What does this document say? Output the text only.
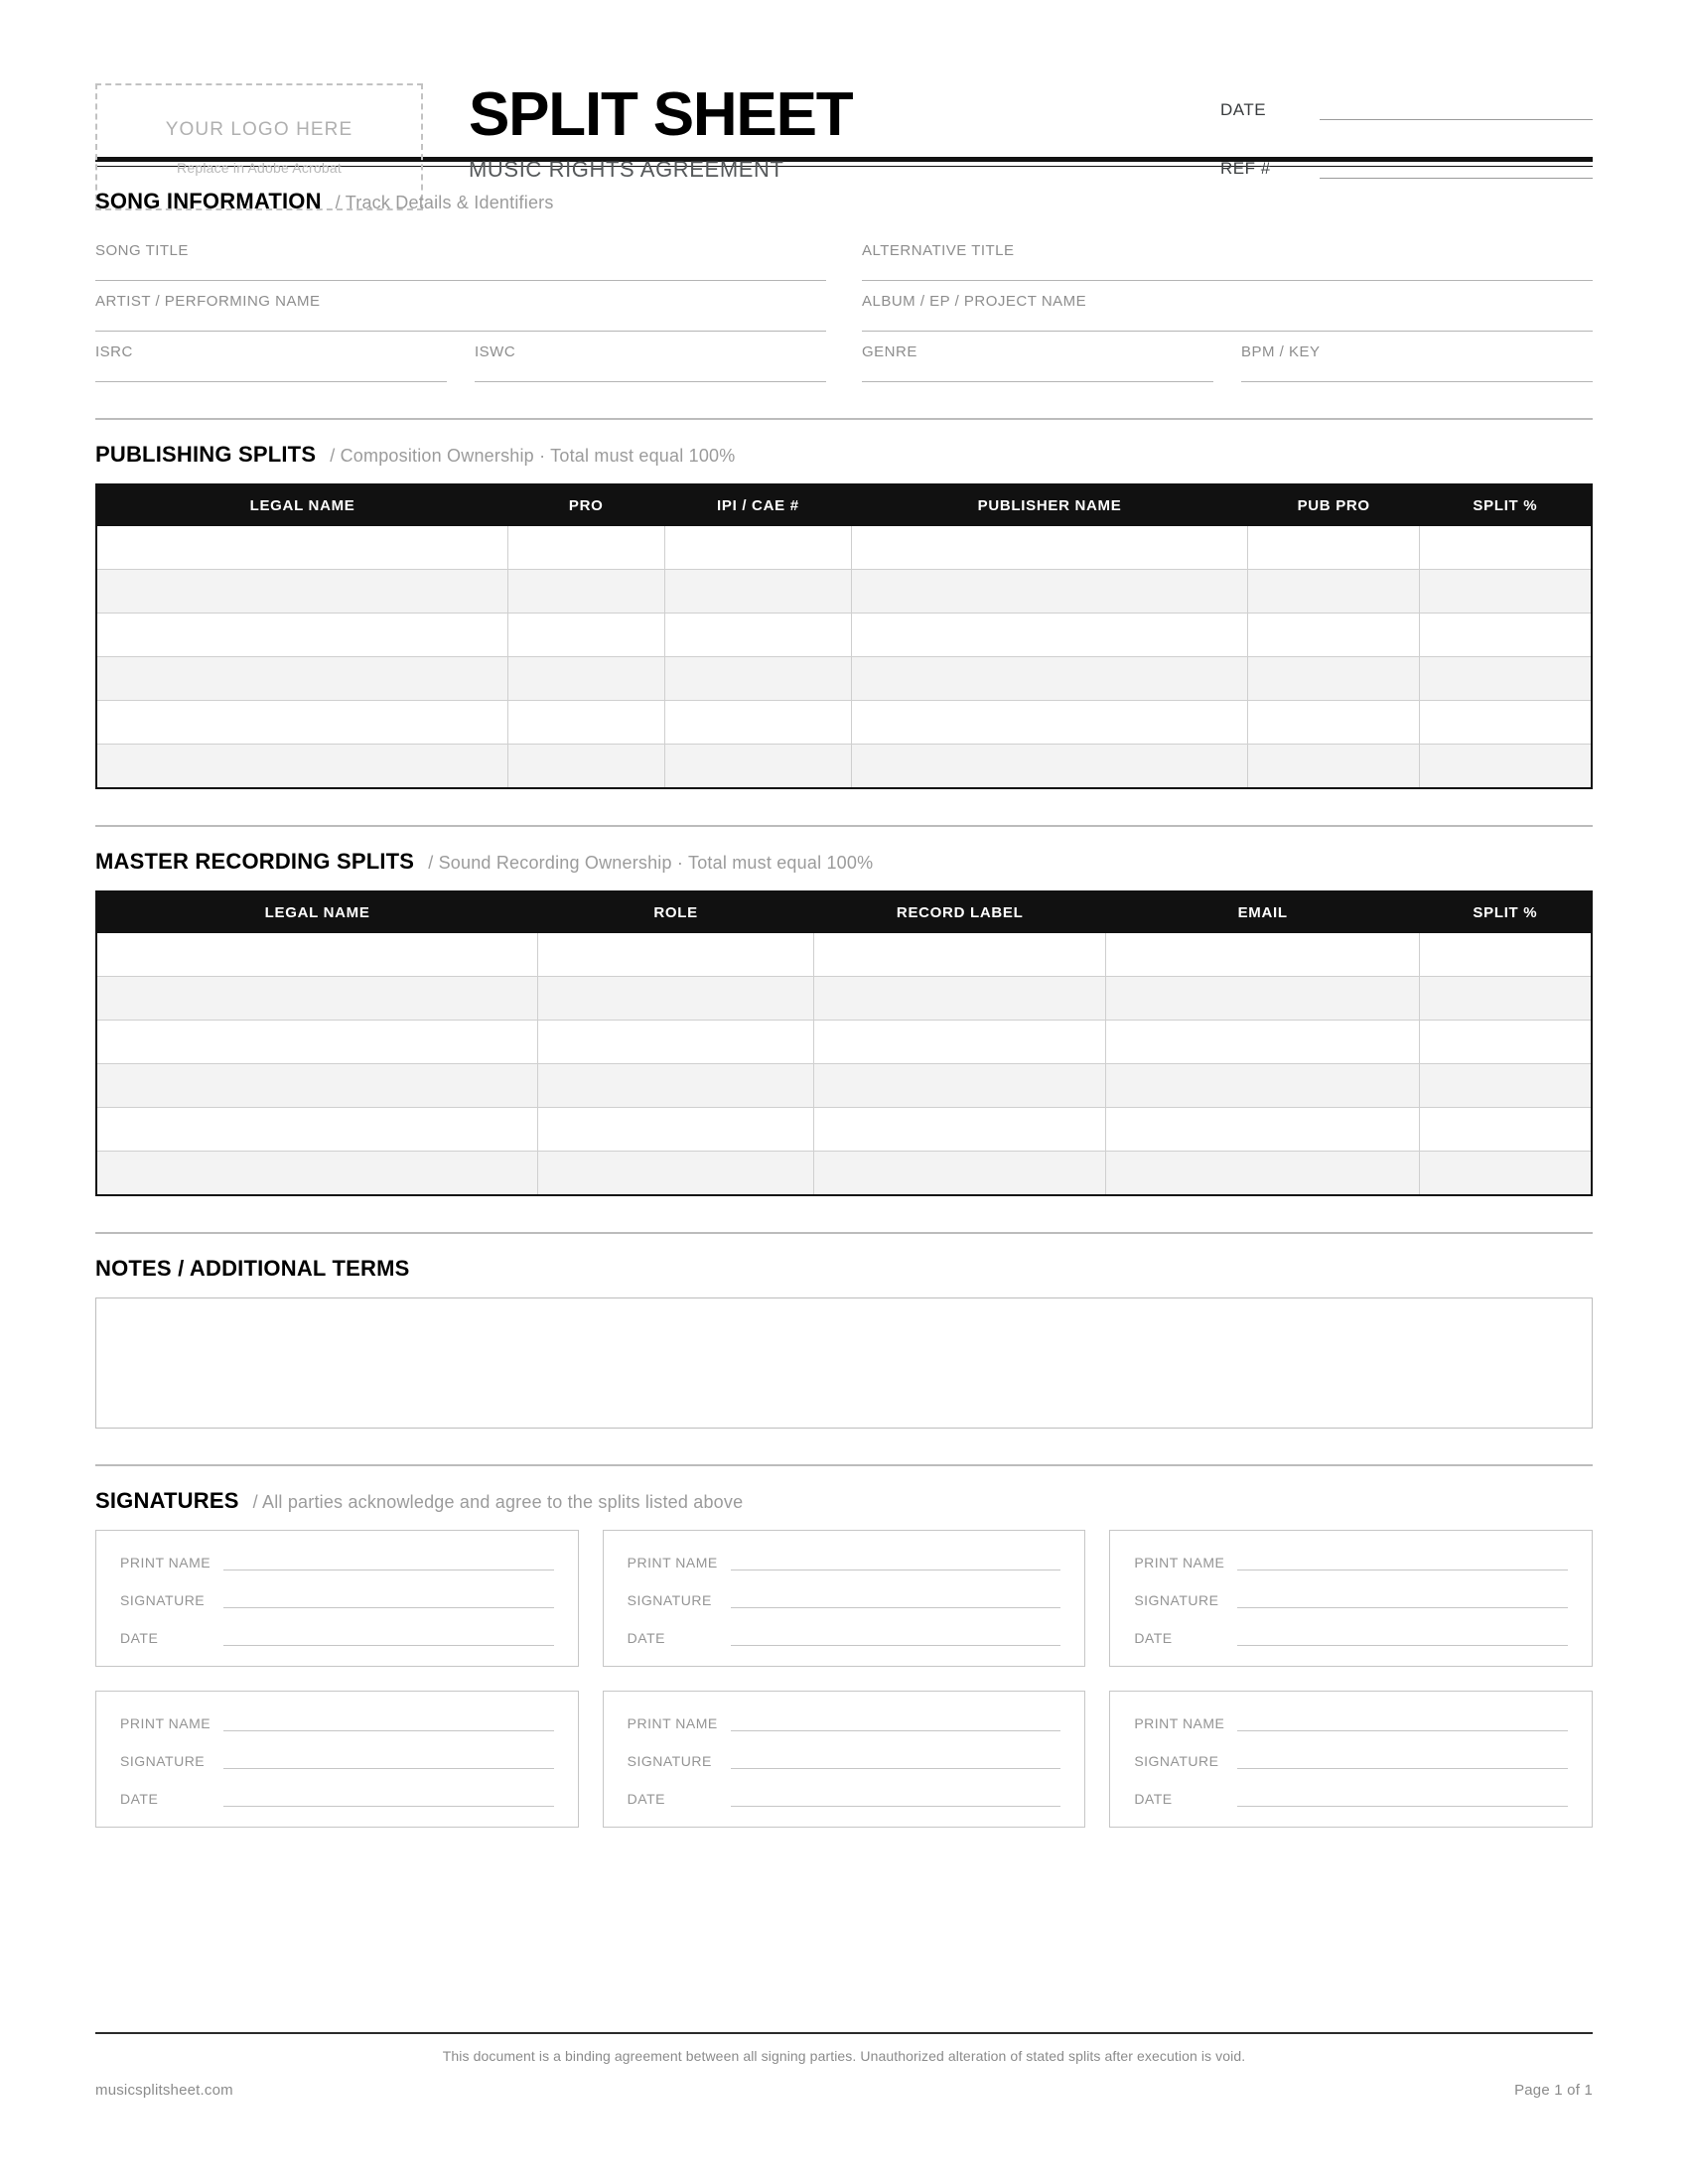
YOUR LOGO HERE
Replace in Adobe Acrobat
SPLIT SHEET
MUSIC RIGHTS AGREEMENT
DATE
REF #
SONG INFORMATION / Track Details & Identifiers
SONG TITLE
ARTIST / PERFORMING NAME
ISRC	ISWC
ALTERNATIVE TITLE
ALBUM / EP / PROJECT NAME
GENRE	BPM / KEY
PUBLISHING SPLITS / Composition Ownership · Total must equal 100%
LEGAL NAME	PRO	IPI / CAE #	PUBLISHER NAME	PUB PRO	SPLIT %

MASTER RECORDING SPLITS / Sound Recording Ownership · Total must equal 100%
LEGAL NAME	ROLE	RECORD LABEL	EMAIL	SPLIT %

NOTES / ADDITIONAL TERMS
SIGNATURES / All parties acknowledge and agree to the splits listed above
PRINT NAME
SIGNATURE
DATE
PRINT NAME
SIGNATURE
DATE
PRINT NAME
SIGNATURE
DATE
PRINT NAME
SIGNATURE
DATE
PRINT NAME
SIGNATURE
DATE
PRINT NAME
SIGNATURE
DATE
This document is a binding agreement between all signing parties. Unauthorized alteration of stated splits after execution is void.
musicsplitsheet.com	Page 1 of 1
